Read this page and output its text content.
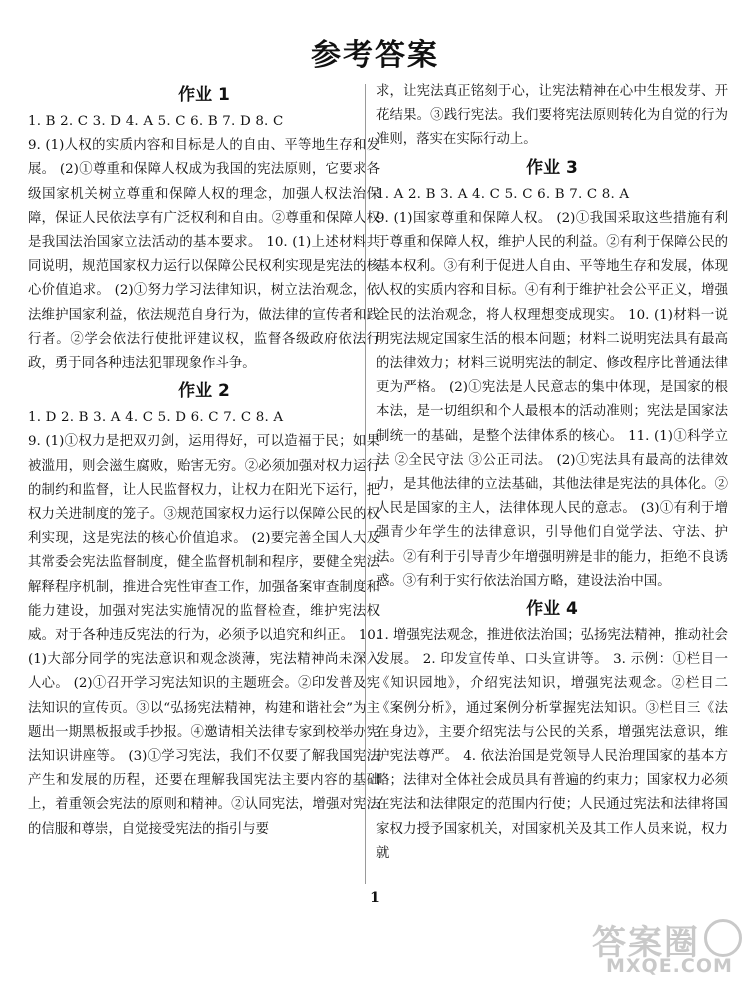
参考答案
作业 1

1. B 2. C 3. D 4. A 5. C 6. B 7. D 8. C

9. (1)人权的实质内容和目标是人的自由、平等地生存和发展。 (2)①尊重和保障人权成为我国的宪法原则，它要求各级国家机关树立尊重和保障人权的理念，加强人权法治保障，保证人民依法享有广泛权利和自由。②尊重和保障人权是我国法治国家立法活动的基本要求。 10. (1)上述材料共同说明，规范国家权力运行以保障公民权利实现是宪法的核心价值追求。 (2)①努力学习法律知识，树立法治观念，依法维护国家利益，依法规范自身行为，做法律的宣传者和践行者。②学会依法行使批评建议权，监督各级政府依法行政，勇于同各种违法犯罪现象作斗争。

作业 2

1. D 2. B 3. A 4. C 5. D 6. C 7. C 8. A

9. (1)①权力是把双刃剑，运用得好，可以造福于民；如果被滥用，则会滋生腐败，贻害无穷。②必须加强对权力运行的制约和监督，让人民监督权力，让权力在阳光下运行，把权力关进制度的笼子。③规范国家权力运行以保障公民的权利实现，这是宪法的核心价值追求。 (2)要完善全国人大及其常委会宪法监督制度，健全监督机制和程序，要健全宪法解释程序机制，推进合宪性审查工作，加强备案审查制度和能力建设，加强对宪法实施情况的监督检查，维护宪法权威。对于各种违反宪法的行为，必须予以追究和纠正。 10. (1)大部分同学的宪法意识和观念淡薄，宪法精神尚未深入人心。 (2)①召开学习宪法知识的主题班会。②印发普及宪法知识的宣传页。③以“弘扬宪法精神，构建和谐社会”为主题出一期黑板报或手抄报。④邀请相关法律专家到校举办宪法知识讲座等。 (3)①学习宪法，我们不仅要了解我国宪法产生和发展的历程，还要在理解我国宪法主要内容的基础上，着重领会宪法的原则和精神。②认同宪法，增强对宪法的信服和尊崇，自觉接受宪法的指引与要

求，让宪法真正铭刻于心，让宪法精神在心中生根发芽、开花结果。③践行宪法。我们要将宪法原则转化为自觉的行为准则，落实在实际行动上。

作业 3

1. A 2. B 3. A 4. C 5. C 6. B 7. C 8. A

9. (1)国家尊重和保障人权。 (2)①我国采取这些措施有利于尊重和保障人权，维护人民的利益。②有利于保障公民的基本权利。③有利于促进人自由、平等地生存和发展，体现人权的实质内容和目标。④有利于维护社会公平正义，增强全民的法治观念，将人权理想变成现实。 10. (1)材料一说明宪法规定国家生活的根本问题；材料二说明宪法具有最高的法律效力；材料三说明宪法的制定、修改程序比普通法律更为严格。 (2)①宪法是人民意志的集中体现，是国家的根本法，是一切组织和个人最根本的活动准则；宪法是国家法制统一的基础，是整个法律体系的核心。 11. (1)①科学立法 ②全民守法 ③公正司法。 (2)①宪法具有最高的法律效力，是其他法律的立法基础，其他法律是宪法的具体化。②人民是国家的主人，法律体现人民的意志。 (3)①有利于增强青少年学生的法律意识，引导他们自觉学法、守法、护法。②有利于引导青少年增强明辨是非的能力，拒绝不良诱惑。③有利于实行依法治国方略，建设法治中国。

作业 4

1. 增强宪法观念，推进依法治国；弘扬宪法精神，推动社会发展。 2. 印发宣传单、口头宣讲等。 3. 示例：①栏目一《知识园地》，介绍宪法知识，增强宪法观念。②栏目二《案例分析》，通过案例分析掌握宪法知识。③栏目三《法在身边》，主要介绍宪法与公民的关系，增强宪法意识，维护宪法尊严。 4. 依法治国是党领导人民治理国家的基本方略；法律对全体社会成员具有普遍的约束力；国家权力必须在宪法和法律限定的范围内行使；人民通过宪法和法律将国家权力授予国家机关，对国家机关及其工作人员来说，权力就

1
答案圈
MXQE.COM
